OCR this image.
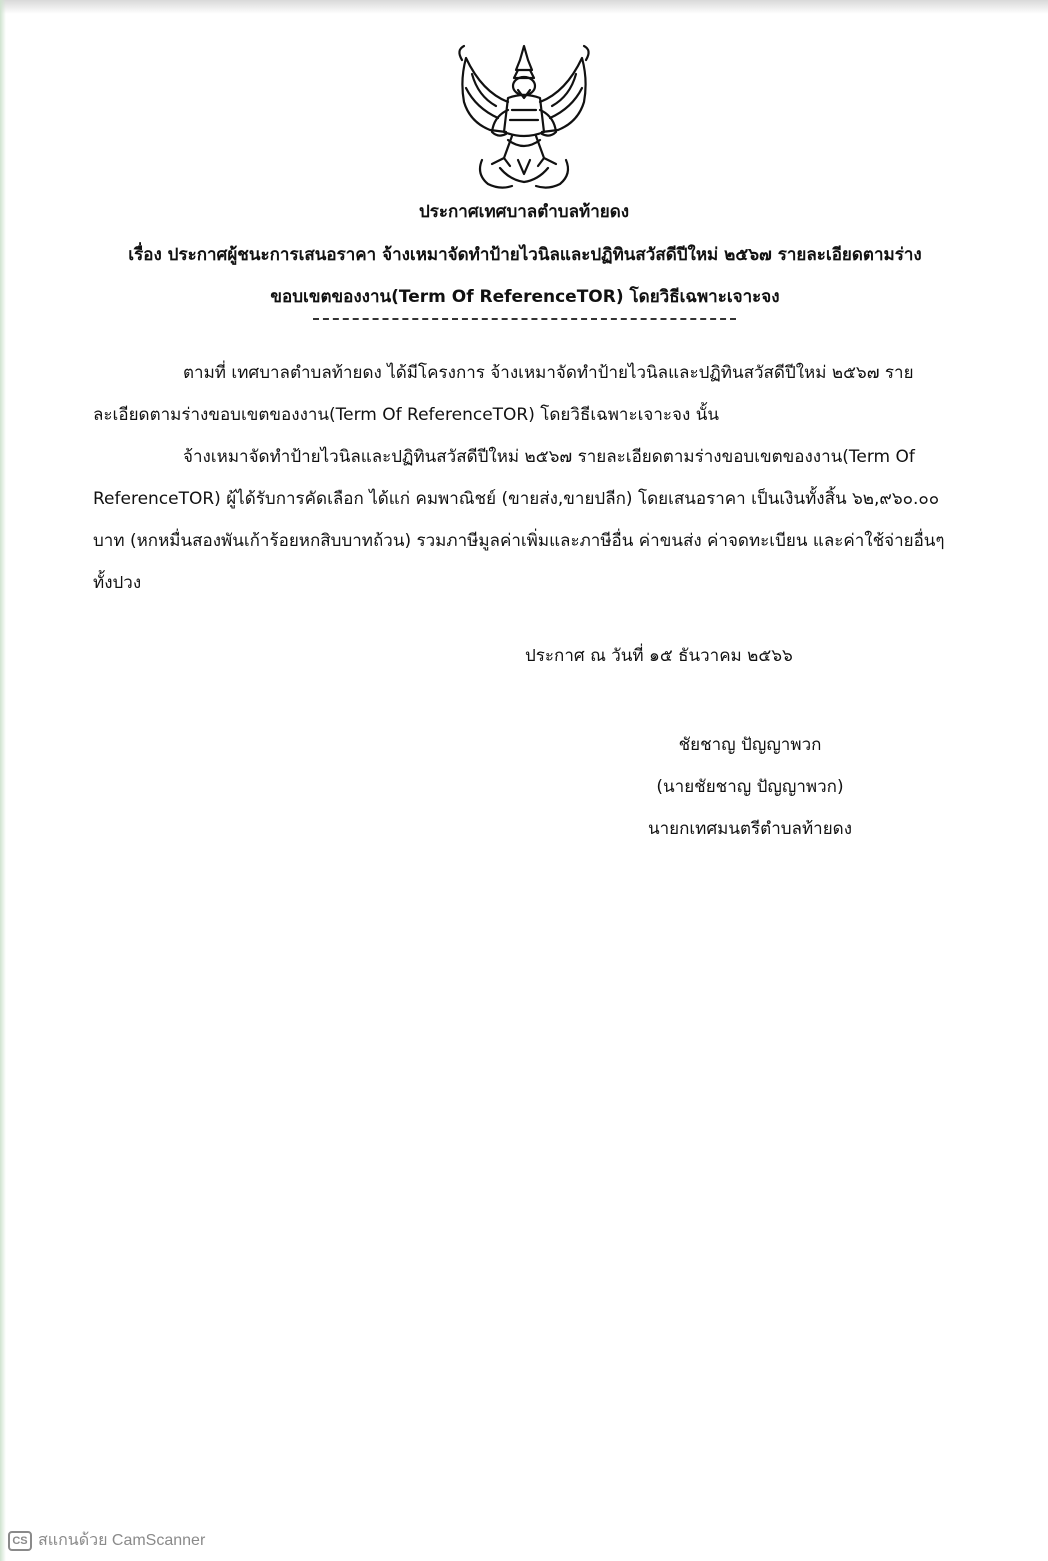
ประกาศเทศบาลตำบลท้ายดง
เรื่อง ประกาศผู้ชนะการเสนอราคา จ้างเหมาจัดทำป้ายไวนิลและปฏิทินสวัสดีปีใหม่ ๒๕๖๗ รายละเอียดตามร่าง
ขอบเขตของงาน(Term Of ReferenceTOR) โดยวิธีเฉพาะเจาะจง

ตามที่ เทศบาลตำบลท้ายดง ได้มีโครงการ จ้างเหมาจัดทำป้ายไวนิลและปฏิทินสวัสดีปีใหม่ ๒๕๖๗ รายละเอียดตามร่างขอบเขตของงาน(Term Of ReferenceTOR) โดยวิธีเฉพาะเจาะจง นั้น

จ้างเหมาจัดทำป้ายไวนิลและปฏิทินสวัสดีปีใหม่ ๒๕๖๗ รายละเอียดตามร่างขอบเขตของงาน(Term Of ReferenceTOR) ผู้ได้รับการคัดเลือก ได้แก่ คมพาณิชย์ (ขายส่ง,ขายปลีก) โดยเสนอราคา เป็นเงินทั้งสิ้น ๖๒,๙๖๐.๐๐ บาท (หกหมื่นสองพันเก้าร้อยหกสิบบาทถ้วน) รวมภาษีมูลค่าเพิ่มและภาษีอื่น ค่าขนส่ง ค่าจดทะเบียน และค่าใช้จ่ายอื่นๆ ทั้งปวง

ประกาศ ณ วันที่ ๑๕ ธันวาคม ๒๕๖๖
ชัยชาญ ปัญญาพวก
(นายชัยชาญ ปัญญาพวก)
นายกเทศมนตรีตำบลท้ายดง
CS สแกนด้วย CamScanner
